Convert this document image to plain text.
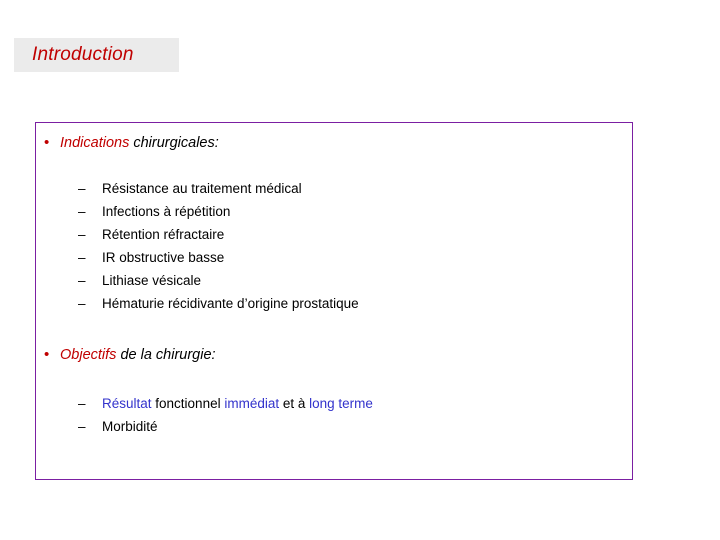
Introduction
• Indications chirurgicales:
–	Résistance au traitement médical
–	Infections à répétition
–	Rétention réfractaire
–	IR obstructive basse
–	Lithiase vésicale
–	Hématurie récidivante d’origine prostatique
• Objectifs de la chirurgie:
–	Résultat fonctionnel immédiat et à long terme
–	Morbidité
